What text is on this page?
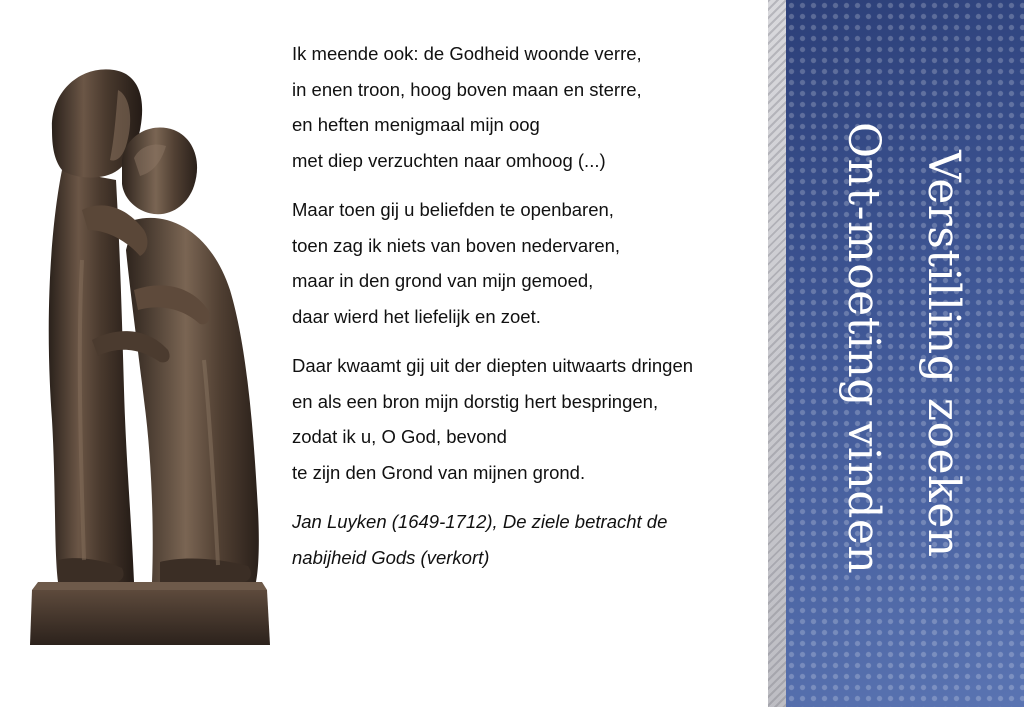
Ik meende ook: de Godheid woonde verre,
in enen troon, hoog boven maan en sterre,
en heften menigmaal mijn oog
met diep verzuchten naar omhoog (...)
Maar toen gij u beliefden te openbaren,
toen zag ik niets van boven nedervaren,
maar in den grond van mijn gemoed,
daar wierd het liefelijk en zoet.
Daar kwaamt gij uit der diepten uitwaarts dringen
en als een bron mijn dorstig hert bespringen,
zodat ik u, O God, bevond
te zijn den Grond van mijnen grond.
Jan Luyken (1649-1712), De ziele betracht de
nabijheid Gods (verkort)	Verstilling zoeken
Ont-moeting vinden
